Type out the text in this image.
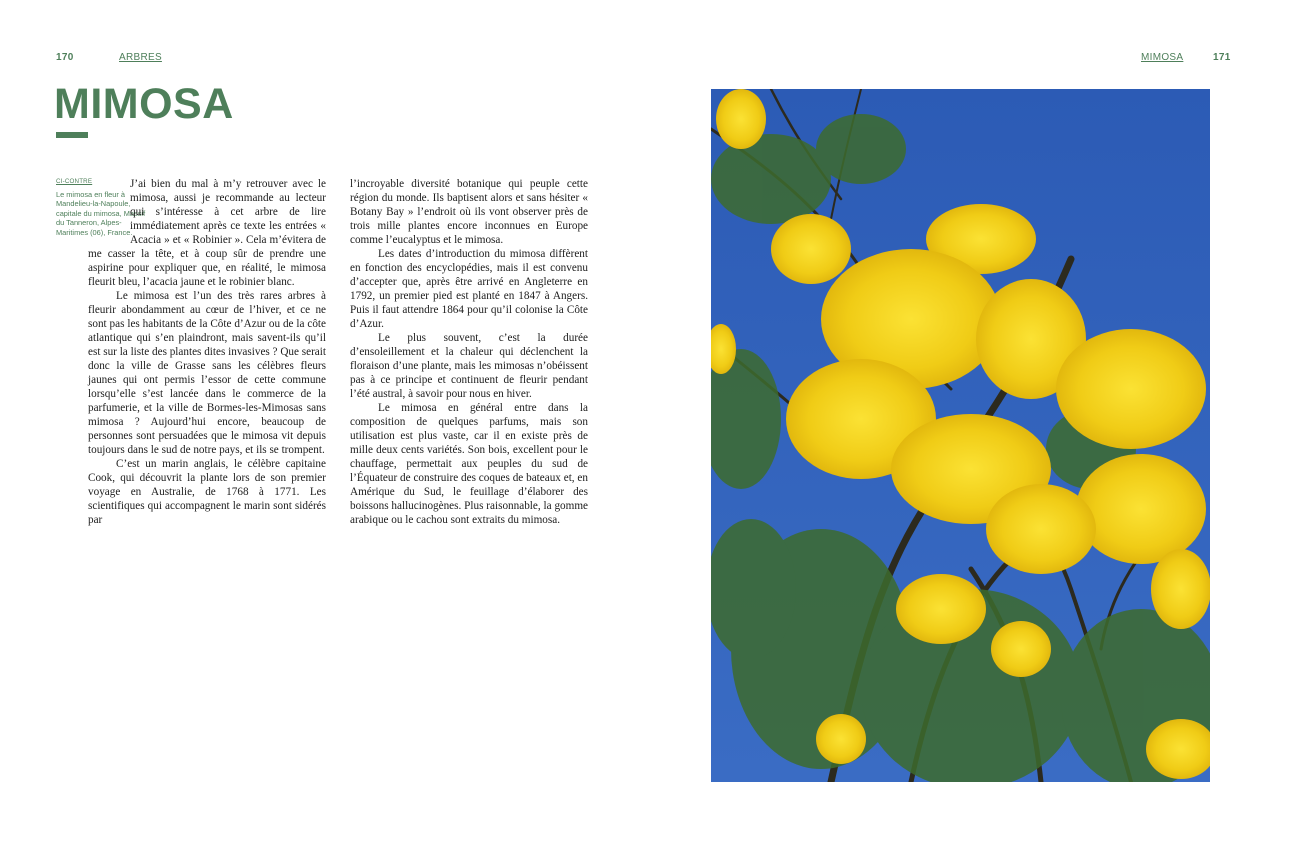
170	ARBRES	MIMOSA	171
MIMOSA
CI-CONTRE
Le mimosa en fleur à Mandelieu-la-Napoule, capitale du mimosa, Massif du Tanneron, Alpes-Maritimes (06), France.

J’ai bien du mal à m’y retrouver avec le mimosa, aussi je recommande au lecteur qui s’intéresse à cet arbre de lire immédiatement après ce texte les entrées « Acacia » et « Robinier ». Cela m’évitera de me casser la tête, et à coup sûr de prendre une aspirine pour expliquer que, en réalité, le mimosa fleurit bleu, l’acacia jaune et le robinier blanc.

Le mimosa est l’un des très rares arbres à fleurir abondamment au cœur de l’hiver, et ce ne sont pas les habitants de la Côte d’Azur ou de la côte atlantique qui s’en plaindront, mais savent-ils qu’il est sur la liste des plantes dites invasives ? Que serait donc la ville de Grasse sans les célèbres fleurs jaunes qui ont permis l’essor de cette commune lorsqu’elle s’est lancée dans le commerce de la parfumerie, et la ville de Bormes-les-Mimosas sans mimosa ? Aujourd’hui encore, beaucoup de personnes sont persuadées que le mimosa vit depuis toujours dans le sud de notre pays, et ils se trompent.

C’est un marin anglais, le célèbre capitaine Cook, qui découvrit la plante lors de son premier voyage en Australie, de 1768 à 1771. Les scientifiques qui accompagnent le marin sont sidérés par

l’incroyable diversité botanique qui peuple cette région du monde. Ils baptisent alors et sans hésiter « Botany Bay » l’endroit où ils vont observer près de trois mille plantes encore inconnues en Europe comme l’eucalyptus et le mimosa.

Les dates d’introduction du mimosa diffèrent en fonction des encyclopédies, mais il est convenu d’accepter que, après être arrivé en Angleterre en 1792, un premier pied est planté en 1847 à Angers. Puis il faut attendre 1864 pour qu’il colonise la Côte d’Azur.

Le plus souvent, c’est la durée d’ensoleillement et la chaleur qui déclenchent la floraison d’une plante, mais les mimosas n’obéissent pas à ce principe et continuent de fleurir pendant l’été austral, à savoir pour nous en hiver.

Le mimosa en général entre dans la composition de quelques parfums, mais son utilisation est plus vaste, car il en existe près de mille deux cents variétés. Son bois, excellent pour le chauffage, permettait aux peuples du sud de l’Équateur de construire des coques de bateaux et, en Amérique du Sud, le feuillage d’élaborer des boissons hallucinogènes. Plus raisonnable, la gomme arabique ou le cachou sont extraits du mimosa.
